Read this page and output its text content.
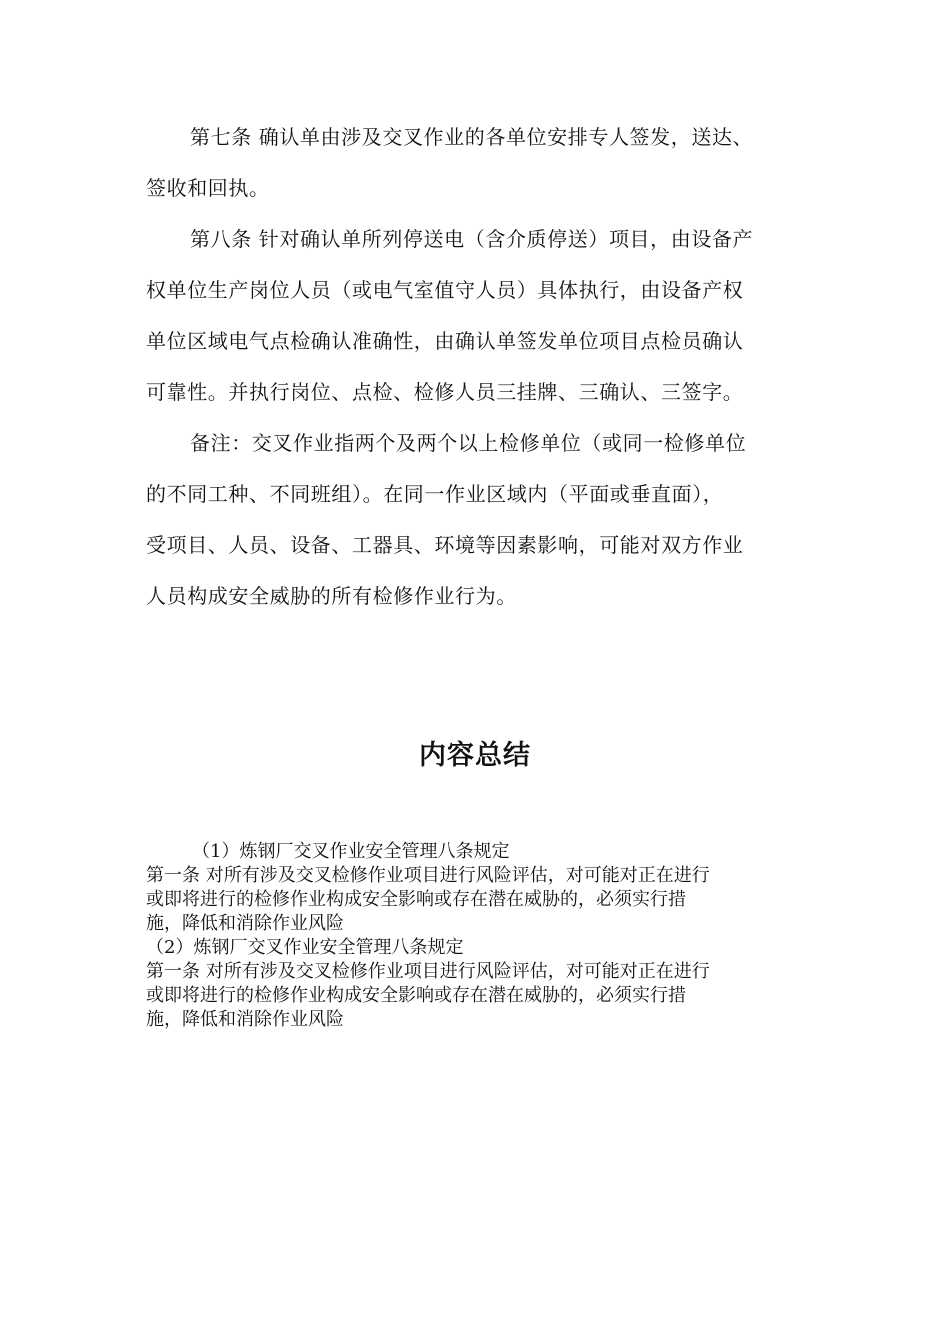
第七条 确认单由涉及交叉作业的各单位安排专人签发，送达、
签收和回执。
第八条 针对确认单所列停送电（含介质停送）项目，由设备产
权单位生产岗位人员（或电气室值守人员）具体执行，由设备产权
单位区域电气点检确认准确性，由确认单签发单位项目点检员确认
可靠性。并执行岗位、点检、检修人员三挂牌、三确认、三签字。
备注：交叉作业指两个及两个以上检修单位（或同一检修单位
的不同工种、不同班组）。在同一作业区域内（平面或垂直面），
受项目、人员、设备、工器具、环境等因素影响，可能对双方作业
人员构成安全威胁的所有检修作业行为。
内容总结
（1）炼钢厂交叉作业安全管理八条规定
第一条 对所有涉及交叉检修作业项目进行风险评估，对可能对正在进行
或即将进行的检修作业构成安全影响或存在潜在威胁的，必须实行措
施，降低和消除作业风险
（2）炼钢厂交叉作业安全管理八条规定
第一条 对所有涉及交叉检修作业项目进行风险评估，对可能对正在进行
或即将进行的检修作业构成安全影响或存在潜在威胁的，必须实行措
施，降低和消除作业风险
